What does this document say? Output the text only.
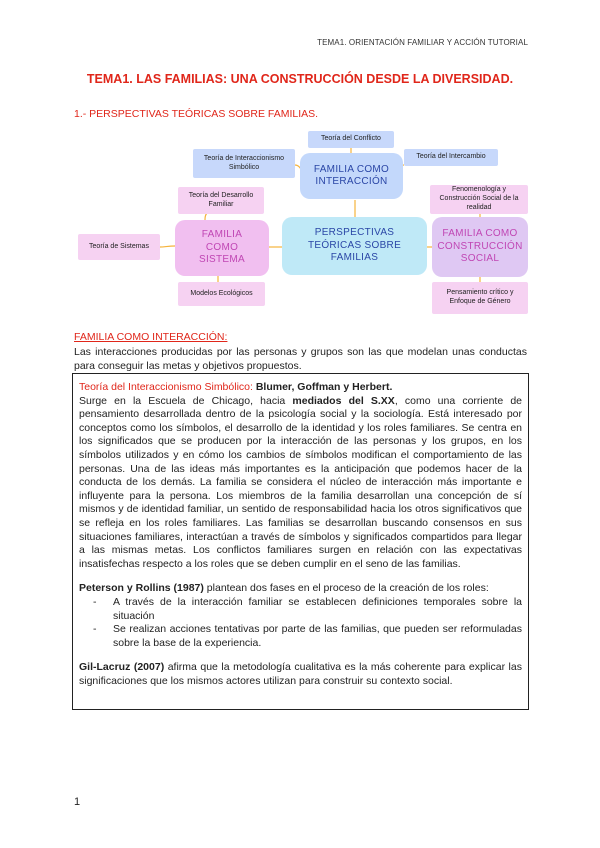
TEMA1. ORIENTACIÓN FAMILIAR Y ACCIÓN TUTORIAL
TEMA1. LAS FAMILIAS: UNA CONSTRUCCIÓN DESDE LA DIVERSIDAD.
1.- PERSPECTIVAS TEÓRICAS SOBRE FAMILIAS.
Teoría del Conflicto
Teoría de Interaccionismo Simbólico
Teoría del Intercambio
FAMILIA COMO INTERACCIÓN
PERSPECTIVAS TEÓRICAS SOBRE FAMILIAS
Teoría del Desarrollo Familiar
Teoría de Sistemas
FAMILIA COMO SISTEMA
Modelos Ecológicos
Fenomenología y Construcción Social de la realidad
FAMILIA COMO CONSTRUCCIÓN SOCIAL
Pensamiento crítico y Enfoque de Género
FAMILIA COMO INTERACCIÓN:
Las interacciones producidas por las personas y grupos son las que modelan unas conductas para conseguir las metas y objetivos propuestos.

Teoría del Interaccionismo Simbólico: Blumer, Goffman y Herbert.

Surge en la Escuela de Chicago, hacia mediados del S.XX, como una corriente de pensamiento desarrollada dentro de la psicología social y la sociología. Está interesado por conceptos como los símbolos, el desarrollo de la identidad y los roles familiares. Se centra en los significados que se producen por la interacción de las personas y los grupos, en los símbolos utilizados y en cómo los cambios de símbolos modifican el comportamiento de las personas. Una de las ideas más importantes es la anticipación que podemos hacer de la conducta de los demás. La familia se considera el núcleo de interacción más importante e influyente para la persona. Los miembros de la familia desarrollan una concepción de sí mismos y de identidad familiar, un sentido de responsabilidad hacia los otros significativos que se refleja en los roles familiares. Las familias se desarrollan buscando consensos en sus situaciones familiares, interactúan a través de símbolos y significados compartidos para llegar a las mismas metas. Los conflictos familiares surgen en relación con las expectativas insatisfechas respecto a los roles que se deben cumplir en el seno de las familias.

Peterson y Rollins (1987) plantean dos fases en el proceso de la creación de los roles:

- A través de la interacción familiar se establecen definiciones temporales sobre la situación
- Se realizan acciones tentativas por parte de las familias, que pueden ser reformuladas sobre la base de la experiencia.

Gil-Lacruz (2007) afirma que la metodología cualitativa es la más coherente para explicar las significaciones que los mismos actores utilizan para construir su contexto social.

1
